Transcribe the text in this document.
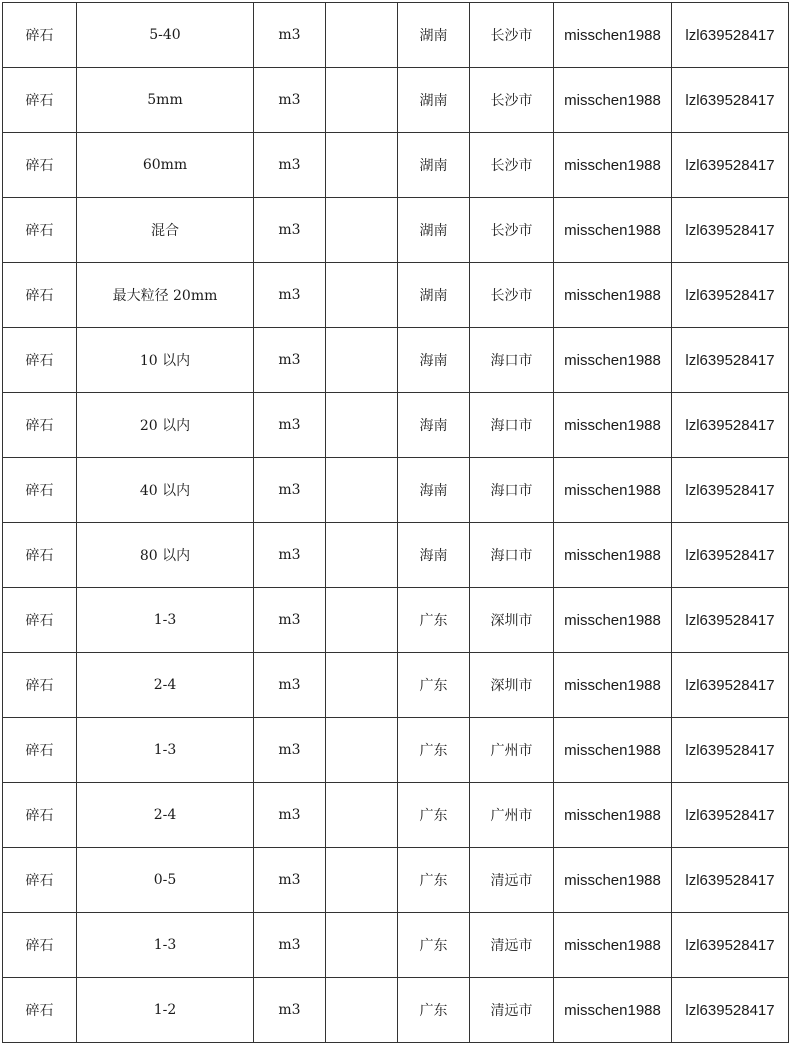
碎石	5-40	m3		湖南	长沙市	misschen1988	lzl639528417
碎石	5mm	m3		湖南	长沙市	misschen1988	lzl639528417
碎石	60mm	m3		湖南	长沙市	misschen1988	lzl639528417
碎石	混合	m3		湖南	长沙市	misschen1988	lzl639528417
碎石	最大粒径 20mm	m3		湖南	长沙市	misschen1988	lzl639528417
碎石	10 以内	m3		海南	海口市	misschen1988	lzl639528417
碎石	20 以内	m3		海南	海口市	misschen1988	lzl639528417
碎石	40 以内	m3		海南	海口市	misschen1988	lzl639528417
碎石	80 以内	m3		海南	海口市	misschen1988	lzl639528417
碎石	1-3	m3		广东	深圳市	misschen1988	lzl639528417
碎石	2-4	m3		广东	深圳市	misschen1988	lzl639528417
碎石	1-3	m3		广东	广州市	misschen1988	lzl639528417
碎石	2-4	m3		广东	广州市	misschen1988	lzl639528417
碎石	0-5	m3		广东	清远市	misschen1988	lzl639528417
碎石	1-3	m3		广东	清远市	misschen1988	lzl639528417
碎石	1-2	m3		广东	清远市	misschen1988	lzl639528417
